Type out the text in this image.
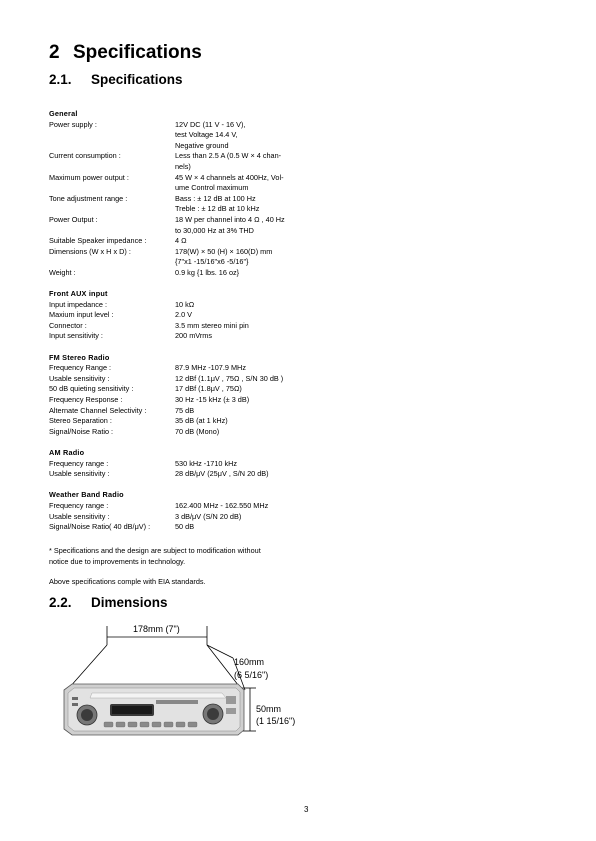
2 Specifications
2.1. Specifications
General
Power supply :	12V DC (11 V - 16 V),
test Voltage 14.4 V,
Negative ground
Current consumption :	Less than 2.5 A (0.5 W × 4 chan-
nels)
Maximum power output :	45 W × 4 channels at 400Hz, Vol-
ume Control maximum
Tone adjustment range :	Bass : ± 12 dB at 100 Hz
Treble : ± 12 dB at 10 kHz
Power Output :	18 W per channel into 4 Ω , 40 Hz
to 30,000 Hz at 3% THD
Suitable Speaker impedance :	4 Ω
Dimensions (W x H x D) :	178(W) × 50 (H) × 160(D) mm
{7"x1 -15/16"x6 -5/16"}
Weight :	0.9 kg {1 lbs. 16 oz}
Front AUX input
Input impedance :	10 kΩ
Maxium input level :	2.0 V
Connector :	3.5 mm stereo mini pin
Input sensitivity :	200 mVrms
FM Stereo Radio
Frequency Range :	87.9 MHz -107.9 MHz
Usable sensitivity :	12 dBf (1.1μV , 75Ω , S/N 30 dB )
50 dB quieting sensitivity :	17 dBf (1.8μV , 75Ω)
Frequency Response :	30 Hz -15 kHz (± 3 dB)
Alternate Channel Selectivity :	75 dB
Stereo Separation :	35 dB (at 1 kHz)
Signal/Noise Ratio :	70 dB (Mono)
AM Radio
Frequency range :	530 kHz -1710 kHz
Usable sensitivity :	28 dB/μV (25μV , S/N 20 dB)
Weather Band Radio
Frequency range :	162.400 MHz - 162.550 MHz
Usable sensitivity :	3 dB/μV (S/N 20 dB)
Signal/Noise Ratio( 40 dB/μV) :	50 dB
* Specifications and the design are subject to modification without
notice due to improvements in technology.
Above specifications comple with EIA standards.
2.2. Dimensions
178mm (7")
160mm
(6 5/16")
50mm
(1 15/16")
3
